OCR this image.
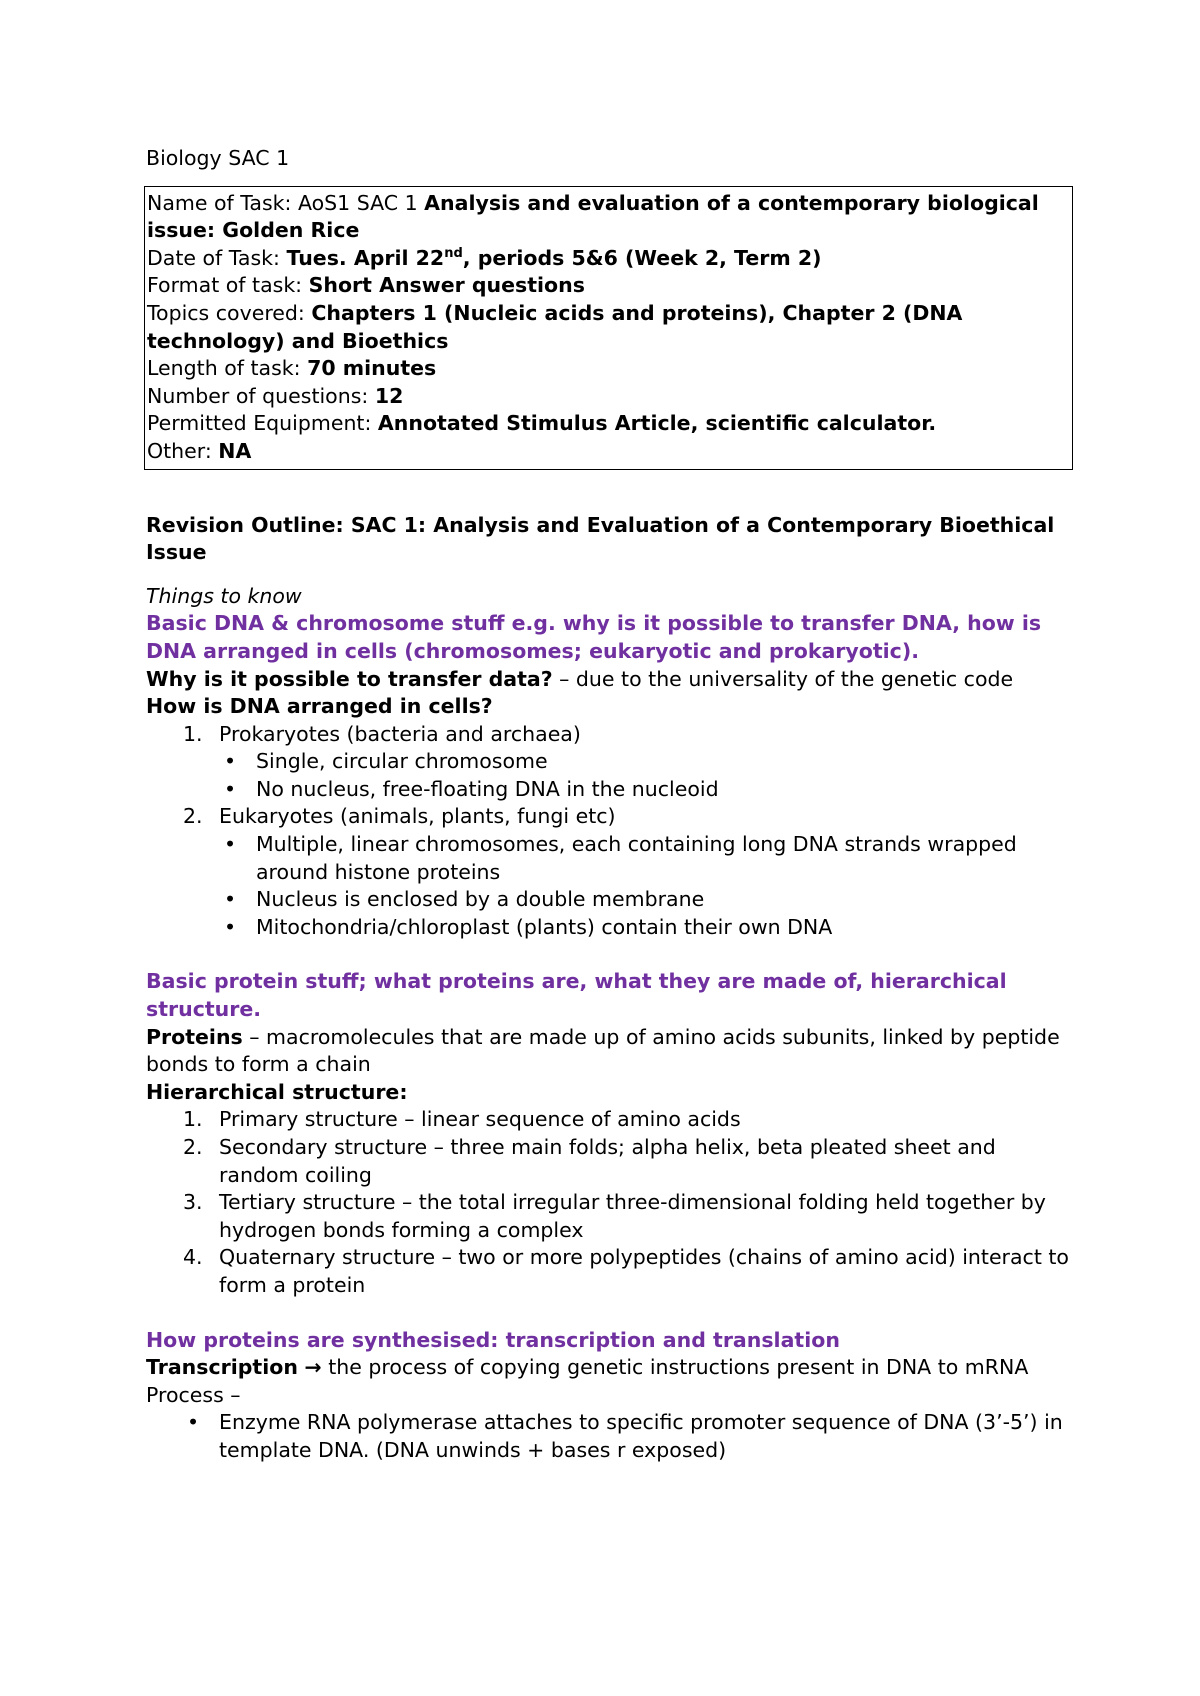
Biology SAC 1
Name of Task: AoS1 SAC 1 Analysis and evaluation of a contemporary biological issue: Golden Rice
Date of Task: Tues. April 22nd, periods 5&6 (Week 2, Term 2)
Format of task: Short Answer questions
Topics covered: Chapters 1 (Nucleic acids and proteins), Chapter 2 (DNA technology) and Bioethics
Length of task: 70 minutes
Number of questions: 12
Permitted Equipment: Annotated Stimulus Article, scientific calculator.
Other: NA
Revision Outline: SAC 1: Analysis and Evaluation of a Contemporary Bioethical Issue
Things to know
Basic DNA & chromosome stuff e.g. why is it possible to transfer DNA, how is DNA arranged in cells (chromosomes; eukaryotic and prokaryotic).
Why is it possible to transfer data? – due to the universality of the genetic code
How is DNA arranged in cells?
1. Prokaryotes (bacteria and archaea)
• Single, circular chromosome
• No nucleus, free-floating DNA in the nucleoid
2. Eukaryotes (animals, plants, fungi etc)
• Multiple, linear chromosomes, each containing long DNA strands wrapped around histone proteins
• Nucleus is enclosed by a double membrane
• Mitochondria/chloroplast (plants) contain their own DNA
Basic protein stuff; what proteins are, what they are made of, hierarchical structure.
Proteins – macromolecules that are made up of amino acids subunits, linked by peptide bonds to form a chain
Hierarchical structure:
1. Primary structure – linear sequence of amino acids
2. Secondary structure – three main folds; alpha helix, beta pleated sheet and random coiling
3. Tertiary structure – the total irregular three-dimensional folding held together by hydrogen bonds forming a complex
4. Quaternary structure – two or more polypeptides (chains of amino acid) interact to form a protein
How proteins are synthesised: transcription and translation
Transcription → the process of copying genetic instructions present in DNA to mRNA
Process –
• Enzyme RNA polymerase attaches to specific promoter sequence of DNA (3’-5’) in template DNA. (DNA unwinds + bases r exposed)
